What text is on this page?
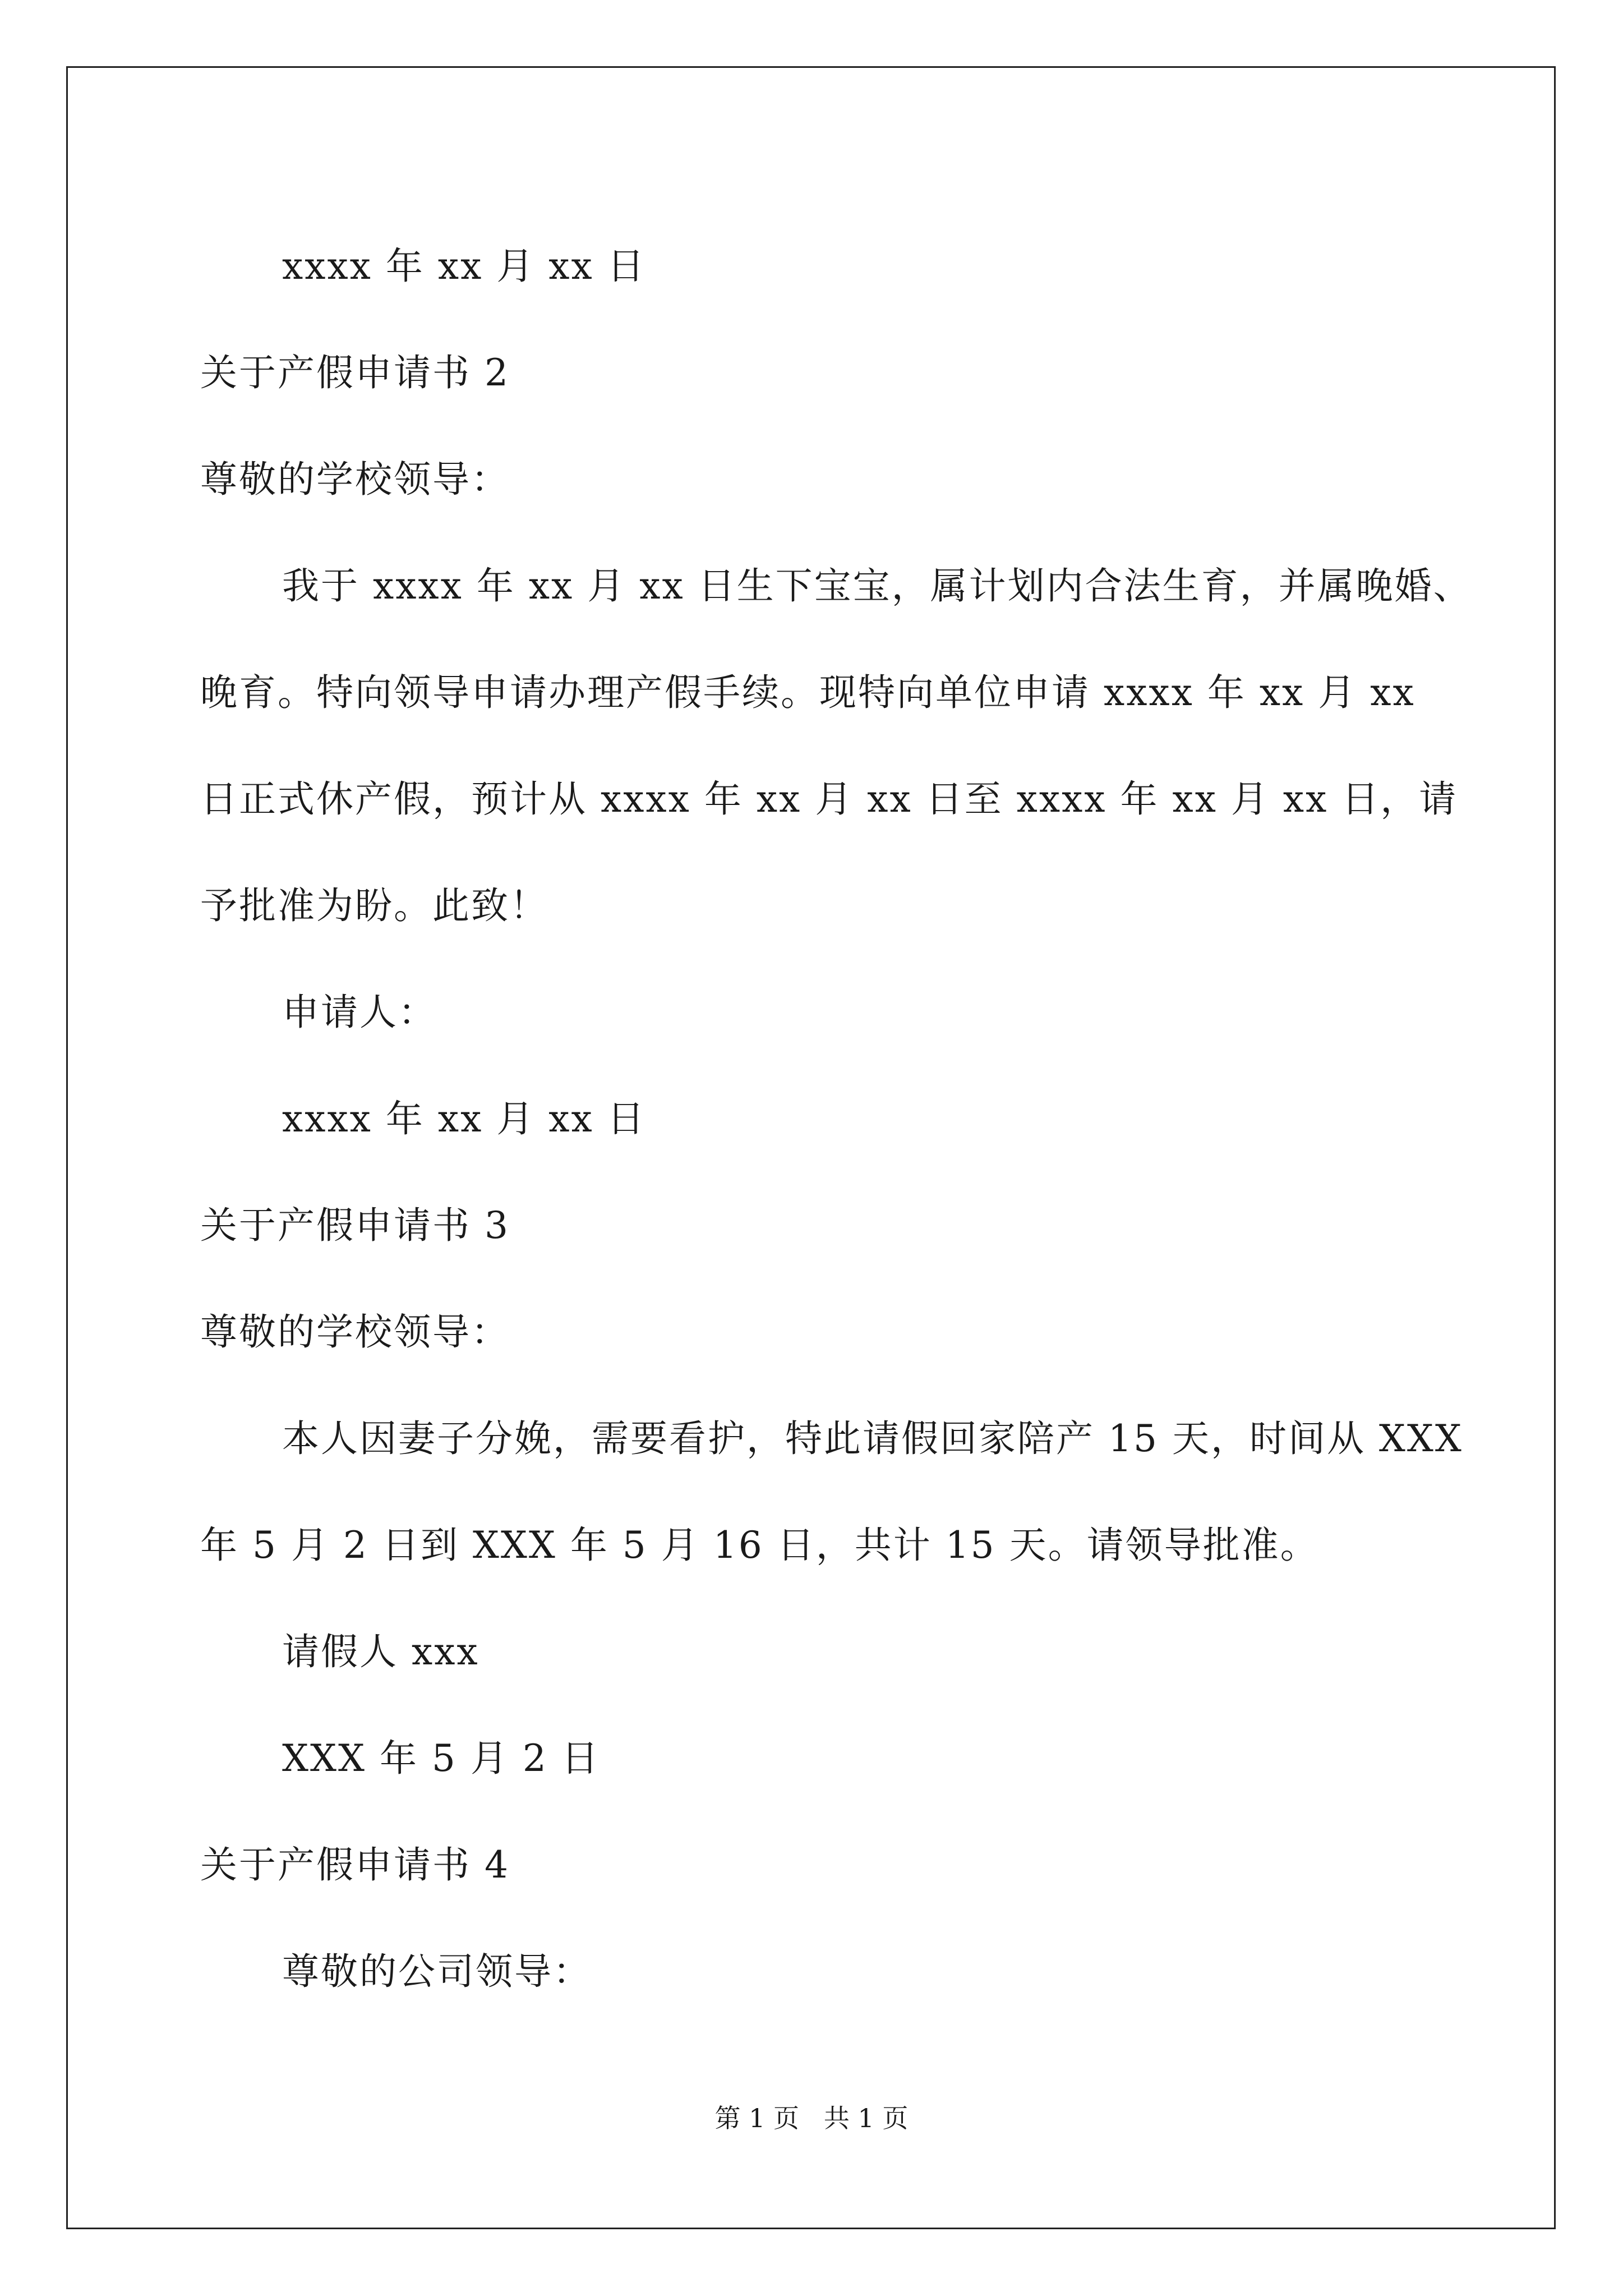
xxxx 年 xx 月 xx 日
关于产假申请书 2
尊敬的学校领导：
我于 xxxx 年 xx 月 xx 日生下宝宝，属计划内合法生育，并属晚婚、
晚育。特向领导申请办理产假手续。现特向单位申请 xxxx 年 xx 月 xx
日正式休产假，预计从 xxxx 年 xx 月 xx 日至 xxxx 年 xx 月 xx 日，请
予批准为盼。此致！
申请人：
xxxx 年 xx 月 xx 日
关于产假申请书 3
尊敬的学校领导：
本人因妻子分娩，需要看护，特此请假回家陪产 15 天，时间从 XXX
年 5 月 2 日到 XXX 年 5 月 16 日，共计 15 天。请领导批准。
请假人 xxx
XXX 年 5 月 2 日
关于产假申请书 4
尊敬的公司领导：
第 1 页   共 1 页
